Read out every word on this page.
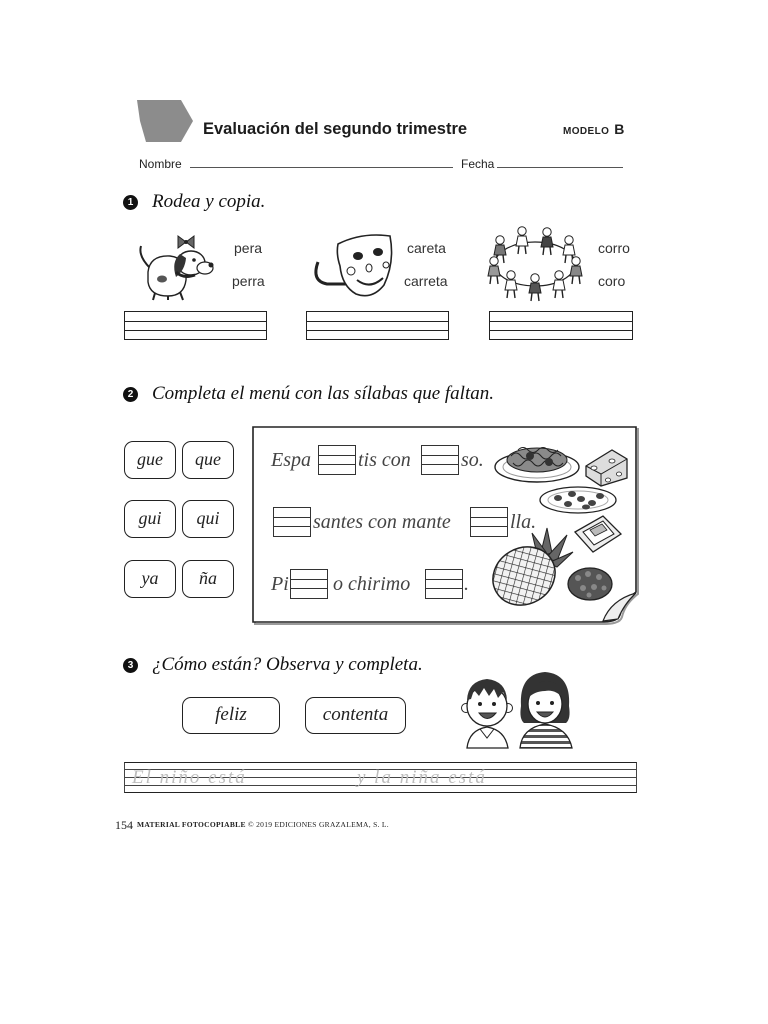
Evaluación del segundo trimestre	MODELO B
Nombre	Fecha
1 Rodea y copia.
pera
perra
careta
carreta
corro
coro
2 Completa el menú con las sílabas que faltan.
gue	que
gui	qui
ya	ña
Espa tis con	so.
santes con mante	lla.
Pi o chirimo	.
3 ¿Cómo están? Observa y completa.
feliz	contenta
El niño está	y la niña está
154 MATERIAL FOTOCOPIABLE © 2019 EDICIONES GRAZALEMA, S. L.
